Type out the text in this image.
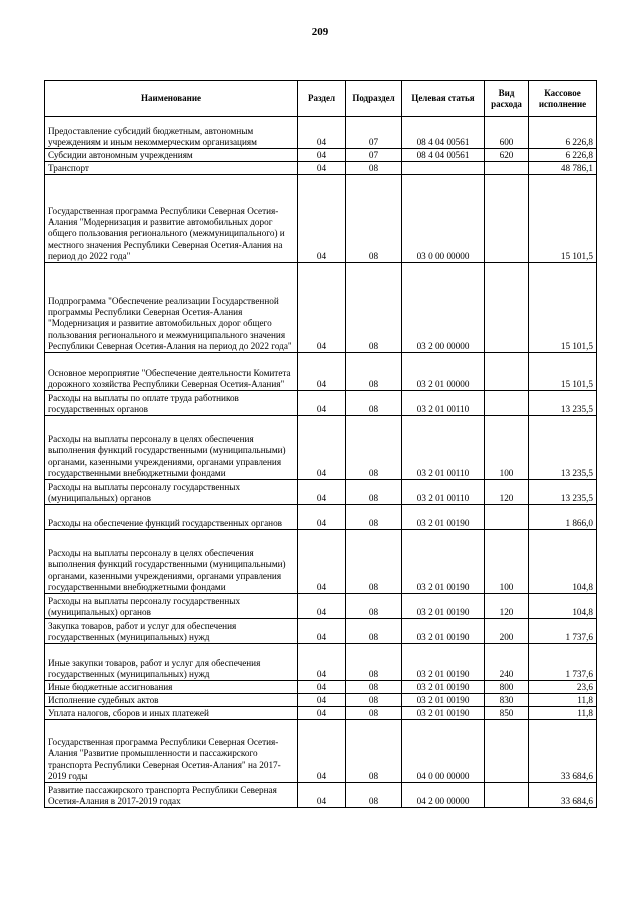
209
Наименование	Раздел	Подраздел	Целевая статья	Вид расхода	Кассовое исполнение
Предоставление субсидий бюджетным, автономным учреждениям и иным некоммерческим организациям	04	07	08 4 04 00561	600	6 226,8
Субсидии автономным учреждениям	04	07	08 4 04 00561	620	6 226,8
Транспорт	04	08			48 786,1
Государственная программа Республики Северная Осетия-Алания "Модернизация и развитие автомобильных дорог общего пользования регионального (межмуниципального) и местного значения Республики Северная Осетия-Алания на период до 2022 года"	04	08	03 0 00 00000		15 101,5
Подпрограмма "Обеспечение реализации Государственной программы Республики Северная Осетия-Алания "Модернизация и развитие автомобильных дорог общего пользования регионального и межмуниципального значения Республики Северная Осетия-Алания на период до 2022 года"	04	08	03 2 00 00000		15 101,5
Основное мероприятие "Обеспечение деятельности Комитета дорожного хозяйства Республики Северная Осетия-Алания"	04	08	03 2 01 00000		15 101,5
Расходы на выплаты по оплате труда работников государственных органов	04	08	03 2 01 00110		13 235,5
Расходы на выплаты персоналу в целях обеспечения выполнения функций государственными (муниципальными) органами, казенными учреждениями, органами управления государственными внебюджетными фондами	04	08	03 2 01 00110	100	13 235,5
Расходы на выплаты персоналу государственных (муниципальных) органов	04	08	03 2 01 00110	120	13 235,5
Расходы на обеспечение функций государственных органов	04	08	03 2 01 00190		1 866,0
Расходы на выплаты персоналу в целях обеспечения выполнения функций государственными (муниципальными) органами, казенными учреждениями, органами управления государственными внебюджетными фондами	04	08	03 2 01 00190	100	104,8
Расходы на выплаты персоналу государственных (муниципальных) органов	04	08	03 2 01 00190	120	104,8
Закупка товаров, работ и услуг для обеспечения государственных (муниципальных) нужд	04	08	03 2 01 00190	200	1 737,6
Иные закупки товаров, работ и услуг для обеспечения государственных (муниципальных) нужд	04	08	03 2 01 00190	240	1 737,6
Иные бюджетные ассигнования	04	08	03 2 01 00190	800	23,6
Исполнение судебных актов	04	08	03 2 01 00190	830	11,8
Уплата налогов, сборов и иных платежей	04	08	03 2 01 00190	850	11,8
Государственная программа Республики Северная Осетия-Алания "Развитие промышленности и пассажирского транспорта Республики Северная Осетия-Алания" на 2017-2019 годы	04	08	04 0 00 00000		33 684,6
Развитие пассажирского транспорта Республики Северная Осетия-Алания в 2017-2019 годах	04	08	04 2 00 00000		33 684,6
